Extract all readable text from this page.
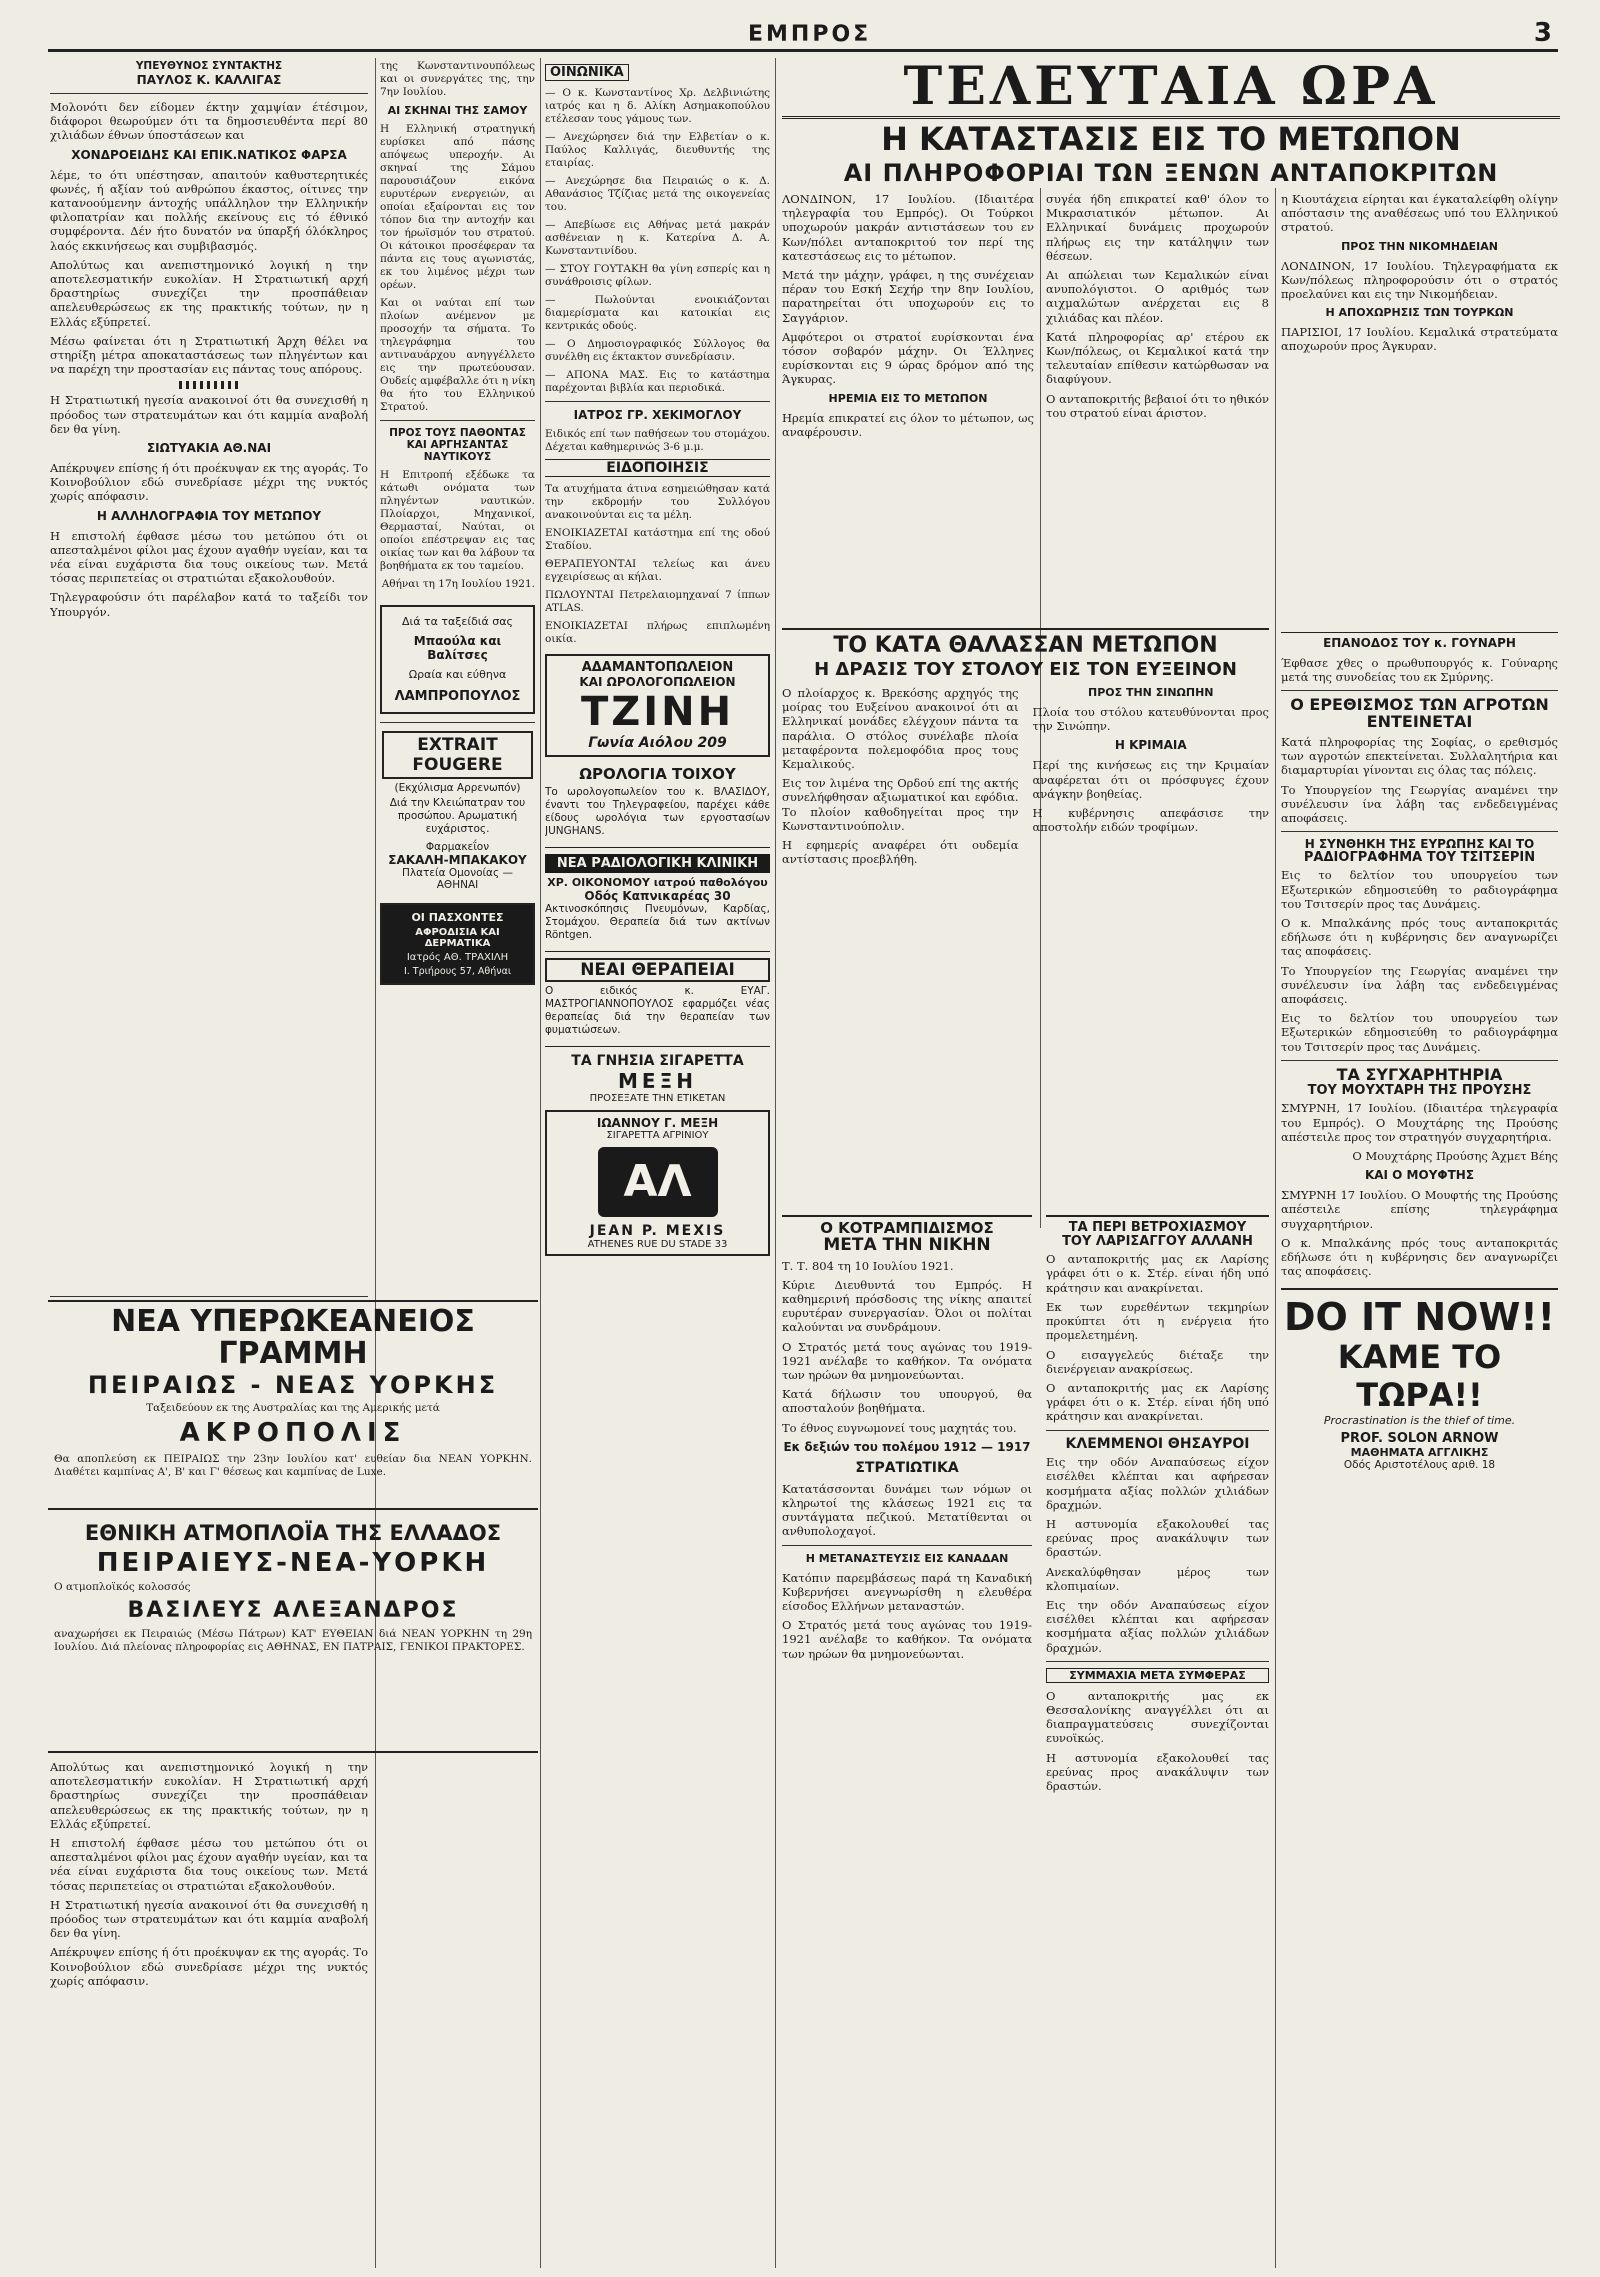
ΕΜΠΡΟΣ	3
ΥΠΕΥΘΥΝΟΣ ΣΥΝΤΑΚΤΗΣ
ΠΑΥΛΟΣ Κ. ΚΑΛΛΙΓΑΣ

Μολονότι δεν είδομεν έκτην χαμψίαν έτέσιμον, διάφοροι θεωρούμεν ότι τα δημοσιευθέντα περί 80 χιλιάδων έθνων ύποστάσεων και

ΧΟΝΔΡΟΕΙΔΗΣ ΚΑΙ ΕΠΙΚ.ΝΑΤΙΚΟΣ ΦΑΡΣΑ

λέμε, το ότι υπέστησαν, απαιτούν καθυστερητικές φωνές, ή αξίαν τού ανθρώπου έκαστος, οίτινες την κατανοούμενην άντοχής υπάλληλον την Ελληνικήν φιλοπατρίαν και πολλής εκείνους εις τό έθνικό συμφέροντα. Δέν ήτο δυνατόν να ύπαρξή όλόκληρος λαός εκκινήσεως και συμβιβασμός.

Απολύτως και ανεπιστημονικό λογική η την αποτελεσματικήν ευκολίαν. Η Στρατιωτική αρχή δραστηρίως συνεχίζει την προσπάθειαν απελευθερώσεως εκ της πρακτικής τούτων, ην η Ελλάς εξύπρετεί.

Μέσω φαίνεται ότι η Στρατιωτική Άρχη θέλει να στηρίξη μέτρα αποκαταστάσεως των πληγέντων και να παρέχη την προστασίαν εις πάντας τους απόρους.

Η Στρατιωτική ηγεσία ανακοινοί ότι θα συνεχισθή η πρόοδος των στρατευμάτων και ότι καμμία αναβολή δεν θα γίνη.

ΣΙΩΤΥΑΚΙΑ ΑΘ.ΝΑΙ

Απέκρυψεν επίσης ή ότι προέκυψαν εκ της αγοράς. Το Κοινοβούλιον εδώ συνεδρίασε μέχρι της νυκτός χωρίς απόφασιν.

Η ΑΛΛΗΛΟΓΡΑΦΙΑ ΤΟΥ ΜΕΤΩΠΟΥ

Η επιστολή έφθασε μέσω του μετώπου ότι οι απεσταλμένοι φίλοι μας έχουν αγαθήν υγείαν, και τα νέα είναι ευχάριστα δια τους οικείους των. Μετά τόσας περιπετείας οι στρατιώται εξακολουθούν.

Τηλεγραφούσιν ότι παρέλαβον κατά το ταξείδι τον Υπουργόν.

ΝΕΑ ΥΠΕΡΩΚΕΑΝΕΙΟΣ ΓΡΑΜΜΗ
ΠΕΙΡΑΙΩΣ - ΝΕΑΣ ΥΟΡΚΗΣ
Ταξειδεύουν εκ της Αυστραλίας και της Αμερικής μετά
ΑΚΡΟΠΟΛΙΣ
Θα αποπλεύση εκ ΠΕΙΡΑΙΩΣ την 23ην Ιουλίου κατ' ευθείαν δια ΝΕΑΝ ΥΟΡΚΗΝ. Διαθέτει καμπίνας Α', Β' και Γ' θέσεως και καμπίνας de Luxe.
ΕΘΝΙΚΗ ΑΤΜΟΠΛΟΪΑ ΤΗΣ ΕΛΛΑΔΟΣ
ΠΕΙΡΑΙΕΥΣ-ΝΕΑ-ΥΟΡΚΗ
Ο ατμοπλοϊκός κολοσσός
ΒΑΣΙΛΕΥΣ ΑΛΕΞΑΝΔΡΟΣ
αναχωρήσει εκ Πειραιώς (Μέσω Πάτρων) ΚΑΤ' ΕΥΘΕΙΑΝ διά ΝΕΑΝ ΥΟΡΚΗΝ τη 29η Ιουλίου. Διά πλείονας πληροφορίας εις ΑΘΗΝΑΣ, ΕΝ ΠΑΤΡΑΙΣ, ΓΕΝΙΚΟΙ ΠΡΑΚΤΟΡΕΣ.

Απολύτως και ανεπιστημονικό λογική η την αποτελεσματικήν ευκολίαν. Η Στρατιωτική αρχή δραστηρίως συνεχίζει την προσπάθειαν απελευθερώσεως εκ της πρακτικής τούτων, ην η Ελλάς εξύπρετεί.

Η επιστολή έφθασε μέσω του μετώπου ότι οι απεσταλμένοι φίλοι μας έχουν αγαθήν υγείαν, και τα νέα είναι ευχάριστα δια τους οικείους των. Μετά τόσας περιπετείας οι στρατιώται εξακολουθούν.

Η Στρατιωτική ηγεσία ανακοινοί ότι θα συνεχισθή η πρόοδος των στρατευμάτων και ότι καμμία αναβολή δεν θα γίνη.

Απέκρυψεν επίσης ή ότι προέκυψαν εκ της αγοράς. Το Κοινοβούλιον εδώ συνεδρίασε μέχρι της νυκτός χωρίς απόφασιν.

της Κωνσταντινουπόλεως και οι συνεργάτες της, την 7ην Ιουλίου.

ΑΙ ΣΚΗΝΑΙ ΤΗΣ ΣΑΜΟΥ

Η Ελληνική στρατηγική ευρίσκει από πάσης απόψεως υπεροχήν. Αι σκηναί της Σάμου παρουσιάζουν εικόνα ευρυτέρων ενεργειών, αι οποίαι εξαίρονται εις τον τόπον δια την αντοχήν και τον ήρωϊσμόν του στρατού. Οι κάτοικοι προσέφεραν τα πάντα εις τους αγωνιστάς, εκ του λιμένος μέχρι των ορέων.

Και οι ναύται επί των πλοίων ανέμενον με προσοχήν τα σήματα. Το τηλεγράφημα του αντιναυάρχου ανηγγέλλετο εις την πρωτεύουσαν. Ουδείς αμφέβαλλε ότι η νίκη θα ήτο του Ελληνικού Στρατού.

ΠΡΟΣ ΤΟΥΣ ΠΑΘΟΝΤΑΣ ΚΑΙ ΑΡΓΗΣΑΝΤΑΣ ΝΑΥΤΙΚΟΥΣ

Η Επιτροπή εξέδωκε τα κάτωθι ονόματα των πληγέντων ναυτικών. Πλοίαρχοι, Μηχανικοί, Θερμασταί, Ναύται, οι οποίοι επέστρεψαν εις τας οικίας των και θα λάβουν τα βοηθήματα εκ του ταμείου.

Αθήναι τη 17η Ιουλίου 1921.

Διά τα ταξείδιά σας
Μπαούλα και Βαλίτσες
Ωραία και εύθηνα
ΛΑΜΠΡΟΠΟΥΛΟΣ
EXTRAIT FOUGERE
(Εκχύλισμα Αρρενωπόν)
Διά την Κλειώπατραν του προσώπου. Αρωματική ευχάριστος.
Φαρμακεΐον
ΣΑΚΑΛΗ-ΜΠΑΚΑΚΟΥ
Πλατεία Ομονοίας — ΑΘΗΝΑΙ
ΟΙ ΠΑΣΧΟΝΤΕΣ
ΑΦΡΟΔΙΣΙΑ ΚΑΙ ΔΕΡΜΑΤΙΚΑ
Ιατρός ΑΘ. ΤΡΑΧΙΛΗ
Ι. Τριήρους 57, Αθήναι
ΟΙΝΩΝΙΚΑ

— Ο κ. Κωνσταντίνος Χρ. Δελβινιώτης ιατρός και η δ. Αλίκη Ασημακοπούλου ετέλεσαν τους γάμους των.

— Ανεχώρησεν διά την Ελβετίαν ο κ. Παύλος Καλλιγάς, διευθυντής της εταιρίας.

— Ανεχώρησε δια Πειραιώς ο κ. Δ. Αθανάσιος Τζίζιας μετά της οικογενείας του.

— Απεβίωσε εις Αθήνας μετά μακράν ασθένειαν η κ. Κατερίνα Δ. Α. Κωνσταντινίδου.

— ΣΤΟΥ ΓΟΥΤΑΚΗ θα γίνη εσπερίς και η συνάθροισις φίλων.

— Πωλούνται ενοικιάζονται διαμερίσματα και κατοικίαι εις κεντρικάς οδούς.

— Ο Δημοσιογραφικός Σύλλογος θα συνέλθη εις έκτακτον συνεδρίασιν.

— ΑΠΟΝΑ ΜΑΣ. Εις το κατάστημα παρέχονται βιβλία και περιοδικά.

ΙΑΤΡΟΣ ΓΡ. ΧΕΚΙΜΟΓΛΟΥ

Ειδικός επί των παθήσεων του στομάχου. Δέχεται καθημερινώς 3-6 μ.μ.

ΕΙΔΟΠΟΙΗΣΙΣ

Τα ατυχήματα άτινα εσημειώθησαν κατά την εκδρομήν του Συλλόγου ανακοινούνται εις τα μέλη.

ΕΝΟΙΚΙΑΖΕΤΑΙ κατάστημα επί της οδού Σταδίου.

ΘΕΡΑΠΕΥΟΝΤΑΙ τελείως και άνευ εγχειρίσεως αι κήλαι.

ΠΩΛΟΥΝΤΑΙ Πετρελαιομηχαναί 7 ίππων ATLAS.

ΕΝΟΙΚΙΑΖΕΤΑΙ πλήρως επιπλωμένη οικία.

ΑΔΑΜΑΝΤΟΠΩΛΕΙΟΝ
ΚΑΙ ΩΡΟΛΟΓΟΠΩΛΕΙΟΝ
ΤΖΙΝΗ
Γωνία Αιόλου 209
ΩΡΟΛΟΓΙΑ ΤΟΙΧΟΥ

Το ωρολογοπωλείον του κ. ΒΛΑΣΙΔΟΥ, έναντι του Τηλεγραφείου, παρέχει κάθε είδους ωρολόγια των εργοστασίων JUNGHANS.

ΝΕΑ ΡΑΔΙΟΛΟΓΙΚΗ ΚΛΙΝΙΚΗ
ΧΡ. ΟΙΚΟΝΟΜΟΥ ιατρού παθολόγου
Οδός Καπνικαρέας 30

Ακτινοσκόπησις Πνευμόνων, Καρδίας, Στομάχου. Θεραπεία διά των ακτίνων Röntgen.

ΝΕΑΙ ΘΕΡΑΠΕΙΑΙ

Ο ειδικός κ. ΕΥΑΓ. ΜΑΣΤΡΟΓΙΑΝΝΟΠΟΥΛΟΣ εφαρμόζει νέας θεραπείας διά την θεραπείαν των φυματιώσεων.

ΤΑ ΓΝΗΣΙΑ ΣΙΓΑΡΕΤΤΑ
ΜΕΞΗ
ΠΡΟΣΕΞΑΤΕ ΤΗΝ ΕΤΙΚΕΤΑΝ
ΙΩΑΝΝΟΥ Γ. ΜΕΞΗ
ΣΙΓΑΡΕΤΤΑ ΑΓΡΙΝΙΟΥ
ΑΛ
JEAN P. MEXIS
ATHENES RUE DU STADE 33
ΤΕΛΕΥΤΑΙΑ ΩΡΑ
Η ΚΑΤΑΣΤΑΣΙΣ ΕΙΣ ΤΟ ΜΕΤΩΠΟΝ
ΑΙ ΠΛΗΡΟΦΟΡΙΑΙ ΤΩΝ ΞΕΝΩΝ ΑΝΤΑΠΟΚΡΙΤΩΝ

ΛΟΝΔΙΝΟΝ, 17 Ιουλίου. (Ιδιαιτέρα τηλεγραφία του Εμπρός). Οι Τούρκοι υποχωρούν μακράν αντιστάσεων του εν Κων/πόλει ανταποκριτού τον περί της κατεστάσεως εις το μέτωπον.

Μετά την μάχην, γράφει, η της συνέχειαν πέραν του Εσκή Σεχήρ την 8ην Ιουλίου, παρατηρείται ότι υποχωρούν εις το Σαγγάριον.

Αμφότεροι οι στρατοί ευρίσκονται ένα τόσον σοβαρόν μάχην. Οι Έλληνες ευρίσκονται εις 9 ώρας δρόμον από της Άγκυρας.

ΗΡΕΜΙΑ ΕΙΣ ΤΟ ΜΕΤΩΠΟΝ

Ηρεμία επικρατεί εις όλον το μέτωπον, ως αναφέρουσιν.

συγέα ήδη επικρατεί καθ' όλον το Μικρασιατικόν μέτωπον. Αι Ελληνικαί δυνάμεις προχωρούν πλήρως εις την κατάληψιν των θέσεων.

Αι απώλειαι των Κεμαλικών είναι ανυπολόγιστοι. Ο αριθμός των αιχμαλώτων ανέρχεται εις 8 χιλιάδας και πλέον.

Κατά πληροφορίας αρ' ετέρου εκ Κων/πόλεως, οι Κεμαλικοί κατά την τελευταίαν επίθεσιν κατώρθωσαν να διαφύγουν.

Ο ανταποκριτής βεβαιοί ότι το ηθικόν του στρατού είναι άριστον.

η Κιουτάχεια είρηται και έγκαταλείφθη ολίγην απόστασιν της αναθέσεως υπό του Ελληνικού στρατού.

ΠΡΟΣ ΤΗΝ ΝΙΚΟΜΗΔΕΙΑΝ

ΛΟΝΔΙΝΟΝ, 17 Ιουλίου. Τηλεγραφήματα εκ Κων/πόλεως πληροφορούσιν ότι ο στρατός προελαύνει και εις την Νικομήδειαν.

Η ΑΠΟΧΩΡΗΣΙΣ ΤΩΝ ΤΟΥΡΚΩΝ

ΠΑΡΙΣΙΟΙ, 17 Ιουλίου. Κεμαλικά στρατεύματα αποχωρούν προς Άγκυραν.

ΤΟ ΚΑΤΑ ΘΑΛΑΣΣΑΝ ΜΕΤΩΠΟΝ
Η ΔΡΑΣΙΣ ΤΟΥ ΣΤΟΛΟΥ ΕΙΣ ΤΟΝ ΕΥΞΕΙΝΟΝ

Ο πλοίαρχος κ. Βρεκόσης αρχηγός της μοίρας του Ευξείνου ανακοινοί ότι αι Ελληνικαί μονάδες ελέγχουν πάντα τα παράλια. Ο στόλος συνέλαβε πλοία μεταφέροντα πολεμοφόδια προς τους Κεμαλικούς.

Εις τον λιμένα της Ορδού επί της ακτής συνελήφθησαν αξιωματικοί και εφόδια. Το πλοίον καθοδηγείται προς την Κωνσταντινούπολιν.

Η εφημερίς αναφέρει ότι ουδεμία αντίστασις προεβλήθη.

ΠΡΟΣ ΤΗΝ ΣΙΝΩΠΗΝ

Πλοία του στόλου κατευθύνονται προς την Σινώπην.

Η ΚΡΙΜΑΙΑ

Περί της κινήσεως εις την Κριμαίαν αναφέρεται ότι οι πρόσφυγες έχουν ανάγκην βοηθείας.

Η κυβέρνησις απεφάσισε την αποστολήν ειδών τροφίμων.

ΕΠΑΝΟΔΟΣ ΤΟΥ κ. ΓΟΥΝΑΡΗ

Έφθασε χθες ο πρωθυπουργός κ. Γούναρης μετά της συνοδείας του εκ Σμύρνης.

Ο ΕΡΕΘΙΣΜΟΣ ΤΩΝ ΑΓΡΟΤΩΝ ΕΝΤΕΙΝΕΤΑΙ

Κατά πληροφορίας της Σοφίας, ο ερεθισμός των αγροτών επεκτείνεται. Συλλαλητήρια και διαμαρτυρίαι γίνονται εις όλας τας πόλεις.

Το Υπουργείον της Γεωργίας αναμένει την συνέλευσιν ίνα λάβη τας ενδεδειγμένας αποφάσεις.

Η ΣΥΝΘΗΚΗ ΤΗΣ ΕΥΡΩΠΗΣ ΚΑΙ ΤΟ
ΡΑΔΙΟΓΡΑΦΗΜΑ ΤΟΥ ΤΣΙΤΣΕΡΙΝ

Εις το δελτίον του υπουργείου των Εξωτερικών εδημοσιεύθη το ραδιογράφημα του Τσιτσερίν προς τας Δυνάμεις.

Ο κ. Μπαλκάνης πρός τους ανταποκριτάς εδήλωσε ότι η κυβέρνησις δεν αναγνωρίζει τας αποφάσεις.

Το Υπουργείον της Γεωργίας αναμένει την συνέλευσιν ίνα λάβη τας ενδεδειγμένας αποφάσεις.

Εις το δελτίον του υπουργείου των Εξωτερικών εδημοσιεύθη το ραδιογράφημα του Τσιτσερίν προς τας Δυνάμεις.

ΤΑ ΣΥΓΧΑΡΗΤΗΡΙΑ
ΤΟΥ ΜΟΥΧΤΑΡΗ ΤΗΣ ΠΡΟΥΣΗΣ

ΣΜΥΡΝΗ, 17 Ιουλίου. (Ιδιαιτέρα τηλεγραφία του Εμπρός). Ο Μουχτάρης της Προύσης απέστειλε προς τον στρατηγόν συγχαρητήρια.

Ο Μουχτάρης Προύσης Άχμετ Βέης

ΚΑΙ Ο ΜΟΥΦΤΗΣ

ΣΜΥΡΝΗ 17 Ιουλίου. Ο Μουφτής της Προύσης απέστειλε επίσης τηλεγράφημα συγχαρητήριον.

Ο κ. Μπαλκάνης πρός τους ανταποκριτάς εδήλωσε ότι η κυβέρνησις δεν αναγνωρίζει τας αποφάσεις.

DO IT NOW!!
ΚΑΜΕ ΤΟ ΤΩΡΑ!!
Procrastination is the thief of time.
PROF. SOLON ARNOW
ΜΑΘΗΜΑΤΑ ΑΓΓΛΙΚΗΣ
Οδός Αριστοτέλους αριθ. 18
Ο ΚΟΤΡΑΜΠΙΔΙΣΜΟΣ
ΜΕΤΑ ΤΗΝ ΝΙΚΗΝ

Τ. Τ. 804 τη 10 Ιουλίου 1921.

Κύριε Διευθυντά του Εμπρός. Η καθημερινή πρόσδοσις της νίκης απαιτεί ευρυτέραν συνεργασίαν. Όλοι οι πολίται καλούνται να συνδράμουν.

Ο Στρατός μετά τους αγώνας του 1919-1921 ανέλαβε το καθήκον. Τα ονόματα των ηρώων θα μνημονεύωνται.

Κατά δήλωσιν του υπουργού, θα αποσταλούν βοηθήματα.

Το έθνος ευγνωμονεί τους μαχητάς του.

Εκ δεξιών του πολέμου 1912 — 1917
ΣΤΡΑΤΙΩΤΙΚΑ

Κατατάσσονται δυνάμει των νόμων οι κληρωτοί της κλάσεως 1921 εις τα συντάγματα πεζικού. Μετατίθενται οι ανθυπολοχαγοί.

Η ΜΕΤΑΝΑΣΤΕΥΣΙΣ ΕΙΣ ΚΑΝΑΔΑΝ

Κατόπιν παρεμβάσεως παρά τη Καναδική Κυβερνήσει ανεγνωρίσθη η ελευθέρα είσοδος Ελλήνων μεταναστών.

Ο Στρατός μετά τους αγώνας του 1919-1921 ανέλαβε το καθήκον. Τα ονόματα των ηρώων θα μνημονεύωνται.

ΤΑ ΠΕΡΙ ΒΕΤΡΟΧΙΑΣΜΟΥ
ΤΟΥ ΛΑΡΙΣΑΓΓΟΥ ΑΛΛΑΝΗ

Ο ανταποκριτής μας εκ Λαρίσης γράφει ότι ο κ. Στέρ. είναι ήδη υπό κράτησιν και ανακρίνεται.

Εκ των ευρεθέντων τεκμηρίων προκύπτει ότι η ενέργεια ήτο προμελετημένη.

Ο εισαγγελεύς διέταξε την διενέργειαν ανακρίσεως.

Ο ανταποκριτής μας εκ Λαρίσης γράφει ότι ο κ. Στέρ. είναι ήδη υπό κράτησιν και ανακρίνεται.

ΚΛΕΜΜΕΝΟΙ ΘΗΣΑΥΡΟΙ

Εις την οδόν Αναπαύσεως είχον εισέλθει κλέπται και αφήρεσαν κοσμήματα αξίας πολλών χιλιάδων δραχμών.

Η αστυνομία εξακολουθεί τας ερεύνας προς ανακάλυψιν των δραστών.

Ανεκαλύφθησαν μέρος των κλοπιμαίων.

Εις την οδόν Αναπαύσεως είχον εισέλθει κλέπται και αφήρεσαν κοσμήματα αξίας πολλών χιλιάδων δραχμών.

ΣΥΜΜΑΧΙΑ ΜΕΤΑ ΣΥΜΦΕΡΑΣ

Ο ανταποκριτής μας εκ Θεσσαλονίκης αναγγέλλει ότι αι διαπραγματεύσεις συνεχίζονται ευνοϊκώς.

Η αστυνομία εξακολουθεί τας ερεύνας προς ανακάλυψιν των δραστών.
